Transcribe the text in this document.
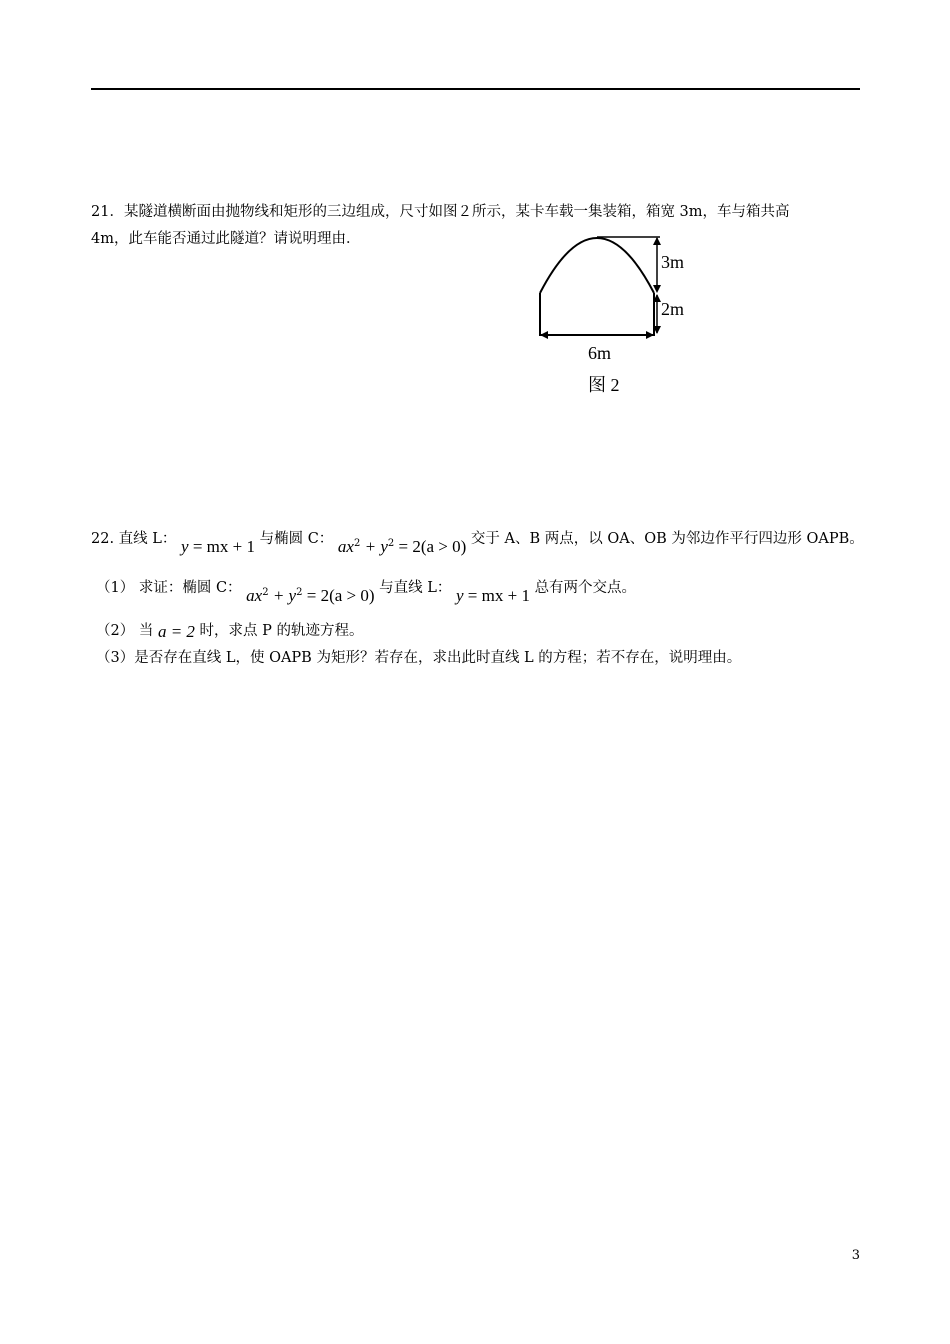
21．某隧道横断面由抛物线和矩形的三边组成，尺寸如图２所示，某卡车载一集装箱，箱宽 3m，车与箱共高
4m，此车能否通过此隧道？请说明理由．
3m
2m
6m
图 2
22. 直线 L： y = mx + 1 与椭圆 C： $ax^2 + y^2 = 2(a > 0)$ 交于 A、B 两点，以 OA、OB 为邻边作平行四边形 OAPB。
（1） 求证：椭圆 C： $ax^2 + y^2 = 2(a > 0)$ 与直线 L： y = mx + 1 总有两个交点。
（2） 当 a = 2 时，求点 P 的轨迹方程。
（3）是否存在直线 L，使 OAPB 为矩形？若存在，求出此时直线 L 的方程；若不存在，说明理由。
3
